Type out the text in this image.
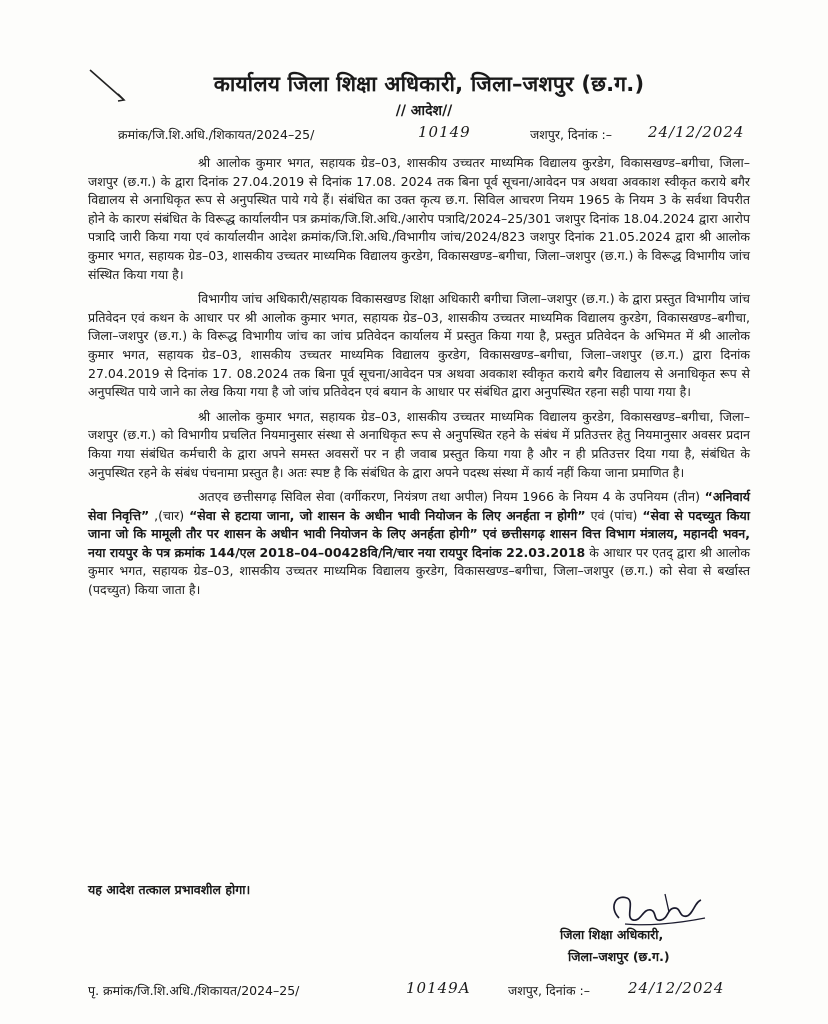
कार्यालय जिला शिक्षा अधिकारी, जिला–जशपुर (छ.ग.)
// आदेश//
क्रमांक/जि.शि.अधि./शिकायत/2024–25/	10149	जशपुर, दिनांक :– 24/12/2024

श्री आलोक कुमार भगत, सहायक ग्रेड–03, शासकीय उच्चतर माध्यमिक विद्यालय कुरडेग, विकासखण्ड–बगीचा, जिला–जशपुर (छ.ग.) के द्वारा दिनांक 27.04.2019 से दिनांक 17.08. 2024 तक बिना पूर्व सूचना/आवेदन पत्र अथवा अवकाश स्वीकृत कराये बगैर विद्यालय से अनाधिकृत रूप से अनुपस्थित पाये गये हैं। संबंधित का उक्त कृत्य छ.ग. सिविल आचरण नियम 1965 के नियम 3 के सर्वथा विपरीत होने के कारण संबंधित के विरूद्ध कार्यालयीन पत्र क्रमांक/जि.शि.अधि./आरोप पत्रादि/2024–25/301 जशपुर दिनांक 18.04.2024 द्वारा आरोप पत्रादि जारी किया गया एवं कार्यालयीन आदेश क्रमांक/जि.शि.अधि./विभागीय जांच/2024/823 जशपुर दिनांक 21.05.2024 द्वारा श्री आलोक कुमार भगत, सहायक ग्रेड–03, शासकीय उच्चतर माध्यमिक विद्यालय कुरडेग, विकासखण्ड–बगीचा, जिला–जशपुर (छ.ग.) के विरूद्ध विभागीय जांच संस्थित किया गया है।

विभागीय जांच अधिकारी/सहायक विकासखण्ड शिक्षा अधिकारी बगीचा जिला–जशपुर (छ.ग.) के द्वारा प्रस्तुत विभागीय जांच प्रतिवेदन एवं कथन के आधार पर श्री आलोक कुमार भगत, सहायक ग्रेड–03, शासकीय उच्चतर माध्यमिक विद्यालय कुरडेग, विकासखण्ड–बगीचा, जिला–जशपुर (छ.ग.) के विरूद्ध विभागीय जांच का जांच प्रतिवेदन कार्यालय में प्रस्तुत किया गया है, प्रस्तुत प्रतिवेदन के अभिमत में श्री आलोक कुमार भगत, सहायक ग्रेड–03, शासकीय उच्चतर माध्यमिक विद्यालय कुरडेग, विकासखण्ड–बगीचा, जिला–जशपुर (छ.ग.) द्वारा दिनांक 27.04.2019 से दिनांक 17. 08.2024 तक बिना पूर्व सूचना/आवेदन पत्र अथवा अवकाश स्वीकृत कराये बगैर विद्यालय से अनाधिकृत रूप से अनुपस्थित पाये जाने का लेख किया गया है जो जांच प्रतिवेदन एवं बयान के आधार पर संबंधित द्वारा अनुपस्थित रहना सही पाया गया है।

श्री आलोक कुमार भगत, सहायक ग्रेड–03, शासकीय उच्चतर माध्यमिक विद्यालय कुरडेग, विकासखण्ड–बगीचा, जिला–जशपुर (छ.ग.) को विभागीय प्रचलित नियमानुसार संस्था से अनाधिकृत रूप से अनुपस्थित रहने के संबंध में प्रतिउत्तर हेतु नियमानुसार अवसर प्रदान किया गया संबंधित कर्मचारी के द्वारा अपने समस्त अवसरों पर न ही जवाब प्रस्तुत किया गया है और न ही प्रतिउत्तर दिया गया है, संबंधित के अनुपस्थित रहने के संबंध पंचनामा प्रस्तुत है। अतः स्पष्ट है कि संबंधित के द्वारा अपने पदस्थ संस्था में कार्य नहीं किया जाना प्रमाणित है।

अतएव छत्तीसगढ़ सिविल सेवा (वर्गीकरण, नियंत्रण तथा अपील) नियम 1966 के नियम 4 के उपनियम (तीन) “अनिवार्य सेवा निवृत्ति” ,(चार) “सेवा से हटाया जाना, जो शासन के अधीन भावी नियोजन के लिए अनर्हता न होगी” एवं (पांच) “सेवा से पदच्युत किया जाना जो कि मामूली तौर पर शासन के अधीन भावी नियोजन के लिए अनर्हता होगी” एवं छत्तीसगढ़ शासन वित्त विभाग मंत्रालय, महानदी भवन, नया रायपुर के पत्र क्रमांक 144/एल 2018–04–00428वि/नि/चार नया रायपुर दिनांक 22.03.2018 के आधार पर एतद् द्वारा श्री आलोक कुमार भगत, सहायक ग्रेड–03, शासकीय उच्चतर माध्यमिक विद्यालय कुरडेग, विकासखण्ड–बगीचा, जिला–जशपुर (छ.ग.) को सेवा से बर्खास्त (पदच्युत) किया जाता है।

यह आदेश तत्काल प्रभावशील होगा।
जिला शिक्षा अधिकारी,
जिला–जशपुर (छ.ग.)
पृ. क्रमांक/जि.शि.अधि./शिकायत/2024–25/	10149A	जशपुर, दिनांक :–	24/12/2024
